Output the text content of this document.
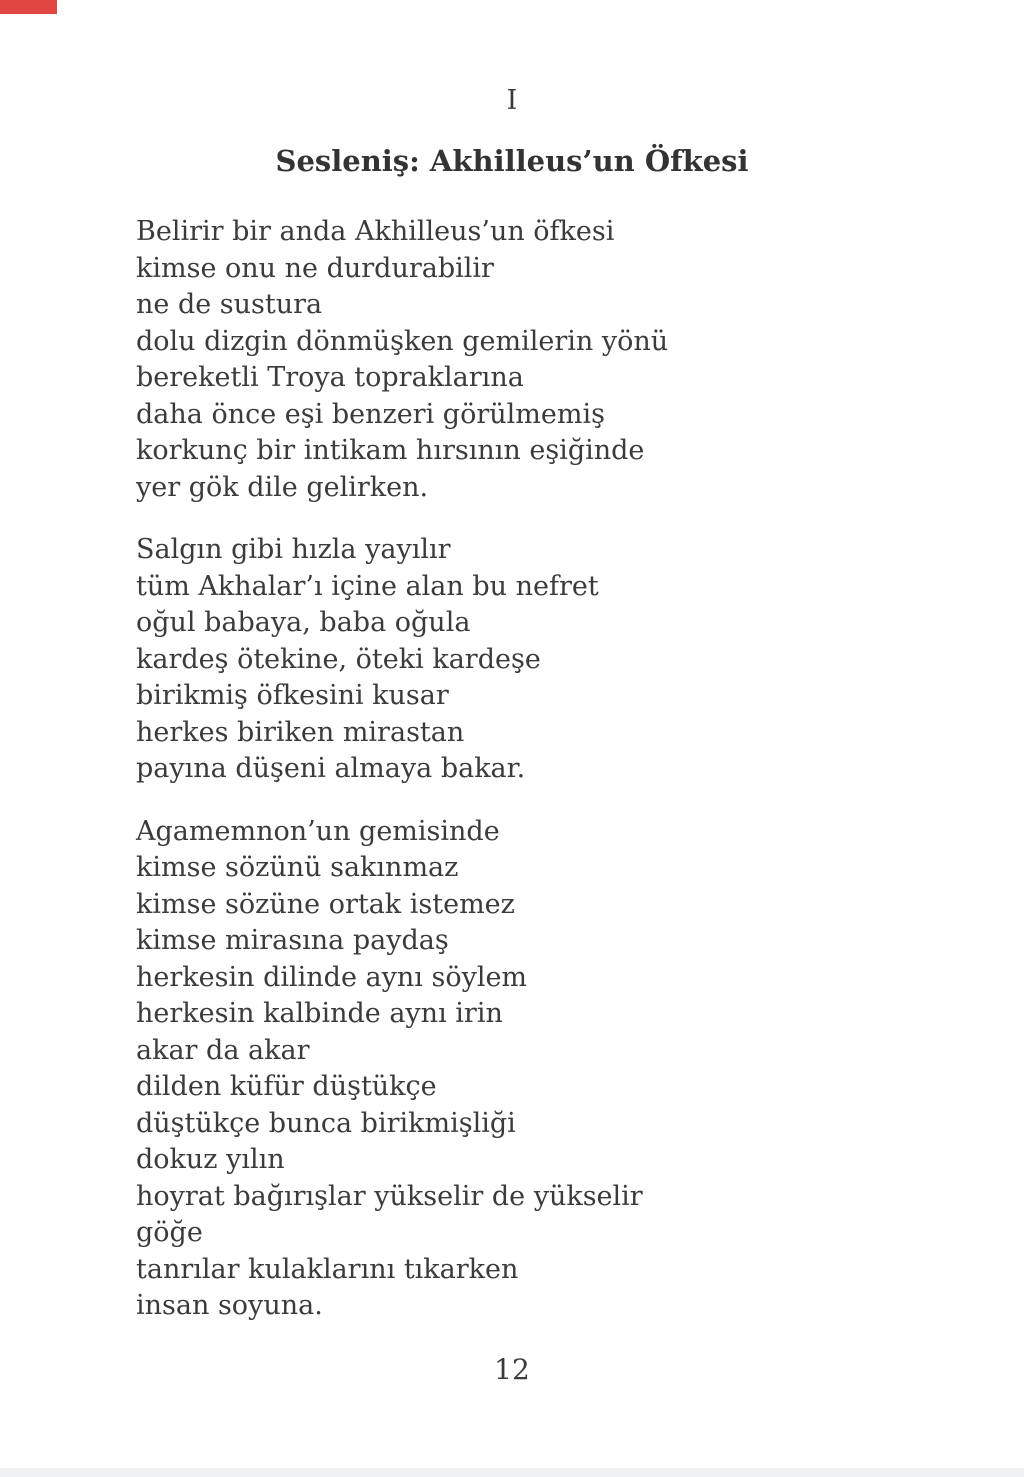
I
Sesleniş: Akhilleus’un Öfkesi
Belirir bir anda Akhilleus’un öfkesi
kimse onu ne durdurabilir
ne de sustura
dolu dizgin dönmüşken gemilerin yönü
bereketli Troya topraklarına
daha önce eşi benzeri görülmemiş
korkunç bir intikam hırsının eşiğinde
yer gök dile gelirken.
Salgın gibi hızla yayılır
tüm Akhalar’ı içine alan bu nefret
oğul babaya, baba oğula
kardeş ötekine, öteki kardeşe
birikmiş öfkesini kusar
herkes biriken mirastan
payına düşeni almaya bakar.
Agamemnon’un gemisinde
kimse sözünü sakınmaz
kimse sözüne ortak istemez
kimse mirasına paydaş
herkesin dilinde aynı söylem
herkesin kalbinde aynı irin
akar da akar
dilden küfür düştükçe
düştükçe bunca birikmişliği
dokuz yılın
hoyrat bağırışlar yükselir de yükselir
göğe
tanrılar kulaklarını tıkarken
insan soyuna.
12
